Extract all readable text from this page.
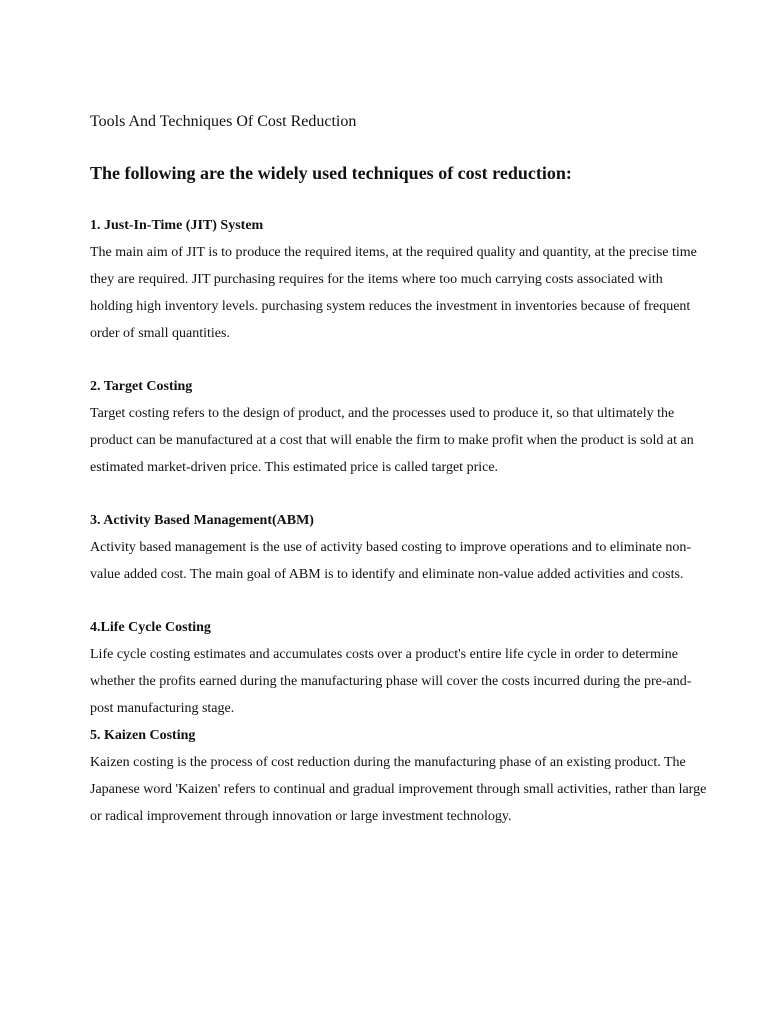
Tools And Techniques Of Cost Reduction
The following are the widely used techniques of cost reduction:

1. Just-In-Time (JIT) System

The main aim of JIT is to produce the required items, at the required quality and quantity, at the precise time they are required. JIT purchasing requires for the items where too much carrying costs associated with holding high inventory levels. purchasing system reduces the investment in inventories because of frequent order of small quantities.

2. Target Costing

Target costing refers to the design of product, and the processes used to produce it, so that ultimately the product can be manufactured at a cost that will enable the firm to make profit when the product is sold at an estimated market-driven price. This estimated price is called target price.

3. Activity Based Management(ABM)

Activity based management is the use of activity based costing to improve operations and to eliminate non-value added cost. The main goal of ABM is to identify and eliminate non-value added activities and costs.

4.Life Cycle Costing

Life cycle costing estimates and accumulates costs over a product's entire life cycle in order to determine whether the profits earned during the manufacturing phase will cover the costs incurred during the pre-and-post manufacturing stage.

5. Kaizen Costing

Kaizen costing is the process of cost reduction during the manufacturing phase of an existing product. The Japanese word 'Kaizen' refers to continual and gradual improvement through small activities, rather than large or radical improvement through innovation or large investment technology.
